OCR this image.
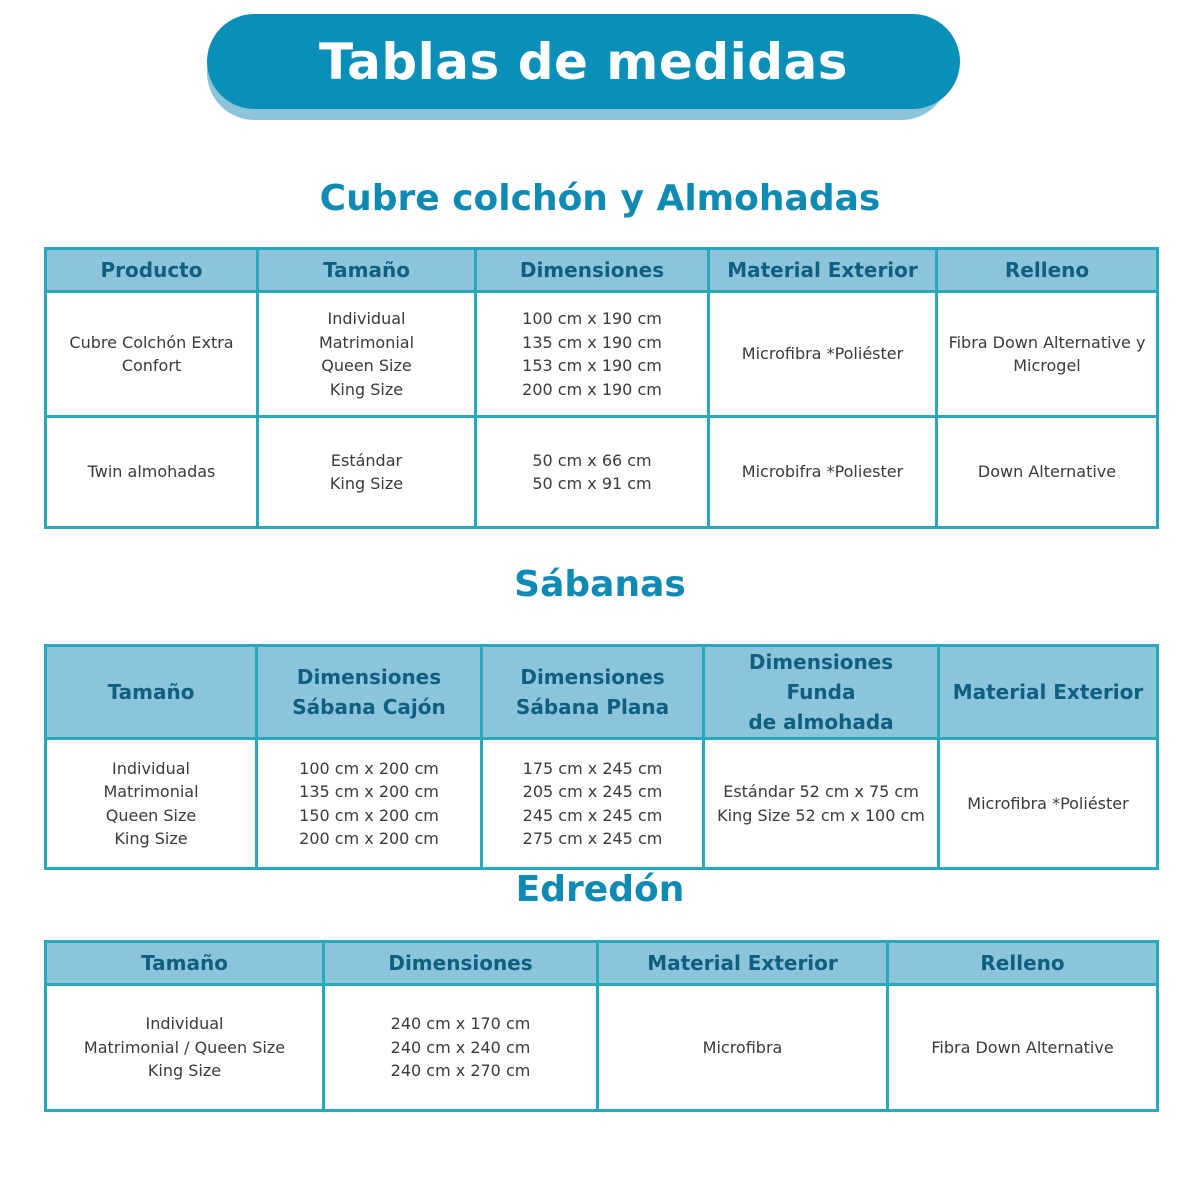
Tablas de medidas
Cubre colchón y Almohadas
Producto	Tamaño	Dimensiones	Material Exterior	Relleno
Cubre Colchón Extra
Confort	Individual
Matrimonial
Queen Size
King Size	100 cm x 190 cm
135 cm x 190 cm
153 cm x 190 cm
200 cm x 190 cm	Microfibra *Poliéster	Fibra Down Alternative y
Microgel
Twin almohadas	Estándar
King Size	50 cm x 66 cm
50 cm x 91 cm	Microbifra *Poliester	Down Alternative
Sábanas
Tamaño	Dimensiones
Sábana Cajón	Dimensiones
Sábana Plana	Dimensiones Funda
de almohada	Material Exterior
Individual
Matrimonial
Queen Size
King Size	100 cm x 200 cm
135 cm x 200 cm
150 cm x 200 cm
200 cm x 200 cm	175 cm x 245 cm
205 cm x 245 cm
245 cm x 245 cm
275 cm x 245 cm	Estándar 52 cm x 75 cm
King Size 52 cm x 100 cm	Microfibra *Poliéster
Edredón
Tamaño	Dimensiones	Material Exterior	Relleno
Individual
Matrimonial / Queen Size
King Size	240 cm x 170 cm
240 cm x 240 cm
240 cm x 270 cm	Microfibra	Fibra Down Alternative
